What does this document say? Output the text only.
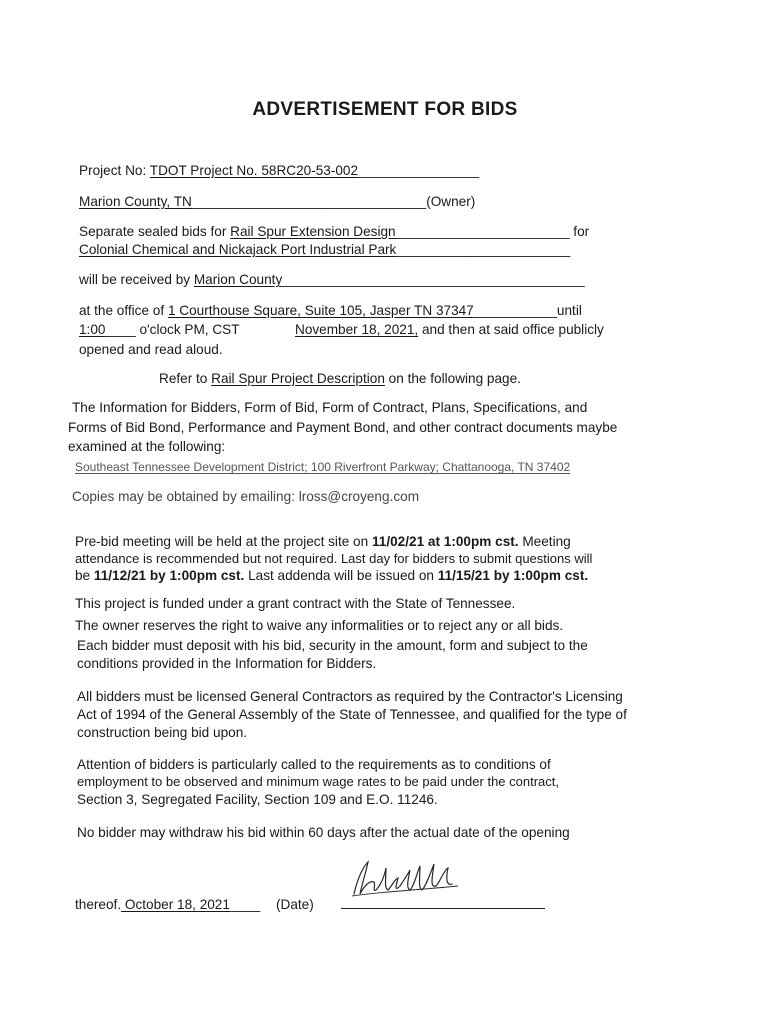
ADVERTISEMENT FOR BIDS
Project No: TDOT Project No. 58RC20-53-002________________
Marion County, TN_______________________________(Owner)
Separate sealed bids for Rail Spur Extension Design_______________________ for
Colonial Chemical and Nickajack Port Industrial Park_______________________
will be received by Marion County________________________________________
at the office of 1 Courthouse Square, Suite 105, Jasper TN 37347___________until
1:00____ o'clock PM, CST	November 18, 2021, and then at said office publicly
opened and read aloud.
Refer to Rail Spur Project Description on the following page.
The Information for Bidders, Form of Bid, Form of Contract, Plans, Specifications, and
Forms of Bid Bond, Performance and Payment Bond, and other contract documents maybe
examined at the following:
Southeast Tennessee Development District; 100 Riverfront Parkway; Chattanooga, TN 37402
Copies may be obtained by emailing: lross@croyeng.com
Pre-bid meeting will be held at the project site on 11/02/21 at 1:00pm cst. Meeting
attendance is recommended but not required. Last day for bidders to submit questions will
be 11/12/21 by 1:00pm cst. Last addenda will be issued on 11/15/21 by 1:00pm cst.
This project is funded under a grant contract with the State of Tennessee.
The owner reserves the right to waive any informalities or to reject any or all bids.
Each bidder must deposit with his bid, security in the amount, form and subject to the
conditions provided in the Information for Bidders.
All bidders must be licensed General Contractors as required by the Contractor's Licensing
Act of 1994 of the General Assembly of the State of Tennessee, and qualified for the type of
construction being bid upon.
Attention of bidders is particularly called to the requirements as to conditions of
employment to be observed and minimum wage rates to be paid under the contract,
Section 3, Segregated Facility, Section 109 and E.O. 11246.
No bidder may withdraw his bid within 60 days after the actual date of the opening
thereof. October 18, 2021____ (Date)
